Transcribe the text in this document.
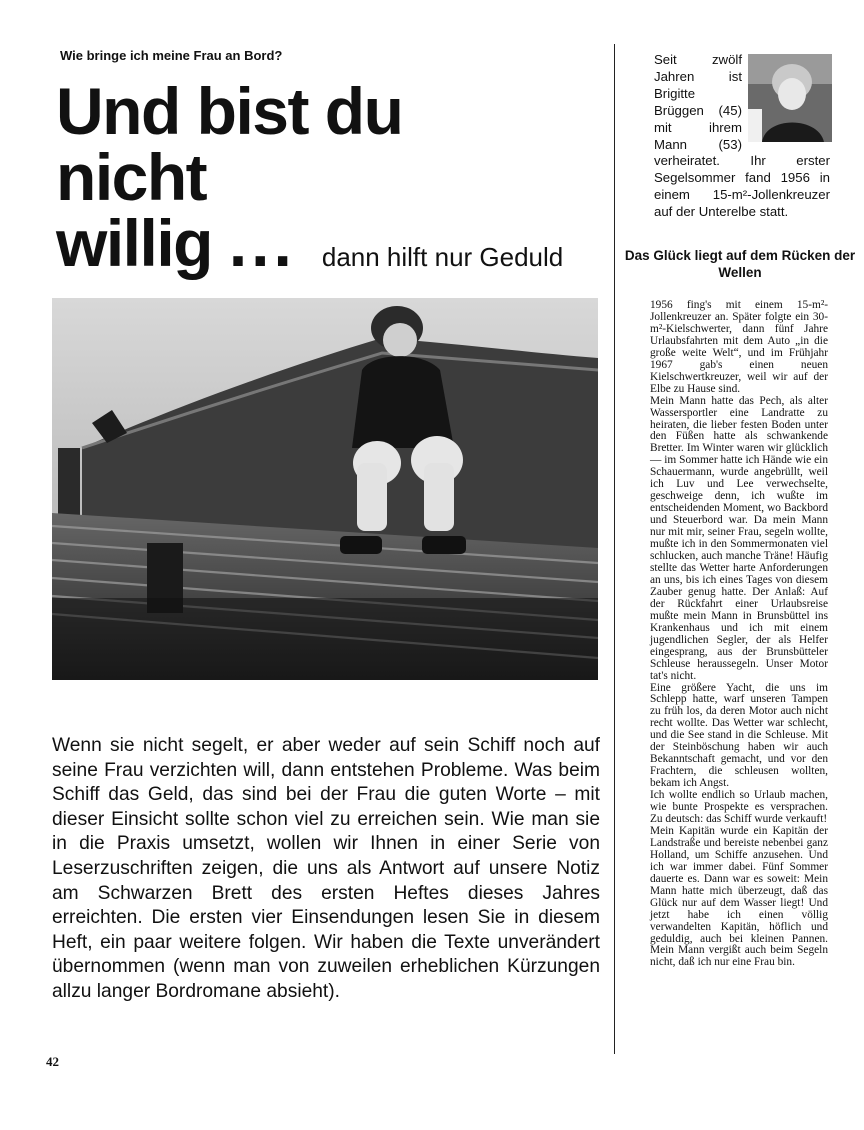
Wie bringe ich meine Frau an Bord?
Und bist du
nicht
willig ... dann hilft nur Geduld

Wenn sie nicht segelt, er aber weder auf sein Schiff noch auf seine Frau verzichten will, dann entstehen Probleme. Was beim Schiff das Geld, das sind bei der Frau die guten Worte – mit dieser Einsicht sollte schon viel zu erreichen sein. Wie man sie in die Praxis umsetzt, wollen wir Ihnen in einer Serie von Leserzuschriften zeigen, die uns als Antwort auf unsere Notiz am Schwarzen Brett des ersten Heftes dieses Jahres erreichten. Die ersten vier Einsendungen lesen Sie in diesem Heft, ein paar weitere folgen. Wir haben die Texte unverändert übernommen (wenn man von zuweilen erheblichen Kürzungen allzu langer Bordromane absieht).

42
Seit zwölf Jahren ist Brigitte Brüggen (45) mit ihrem Mann (53) verheiratet. Ihr erster Segelsommer fand 1956 in einem 15-m²-Jollenkreuzer auf der Unterelbe statt.
Das Glück liegt auf dem Rücken der Wellen

1956 fing's mit einem 15-m²-Jollenkreuzer an. Später folgte ein 30-m²-Kielschwerter, dann fünf Jahre Urlaubsfahrten mit dem Auto „in die große weite Welt“, und im Frühjahr 1967 gab's einen neuen Kielschwertkreuzer, weil wir auf der Elbe zu Hause sind.

Mein Mann hatte das Pech, als alter Wassersportler eine Landratte zu heiraten, die lieber festen Boden unter den Füßen hatte als schwankende Bretter. Im Winter waren wir glücklich — im Sommer hatte ich Hände wie ein Schauermann, wurde angebrüllt, weil ich Luv und Lee verwechselte, geschweige denn, ich wußte im entscheidenden Moment, wo Backbord und Steuerbord war. Da mein Mann nur mit mir, seiner Frau, segeln wollte, mußte ich in den Sommermonaten viel schlucken, auch manche Träne! Häufig stellte das Wetter harte Anforderungen an uns, bis ich eines Tages von diesem Zauber genug hatte. Der Anlaß: Auf der Rückfahrt einer Urlaubsreise mußte mein Mann in Brunsbüttel ins Krankenhaus und ich mit einem jugendlichen Segler, der als Helfer eingesprang, aus der Brunsbütteler Schleuse heraussegeln. Unser Motor tat's nicht.

Eine größere Yacht, die uns im Schlepp hatte, warf unseren Tampen zu früh los, da deren Motor auch nicht recht wollte. Das Wetter war schlecht, und die See stand in die Schleuse. Mit der Steinböschung haben wir auch Bekanntschaft gemacht, und vor den Frachtern, die schleusen wollten, bekam ich Angst.

Ich wollte endlich so Urlaub machen, wie bunte Prospekte es versprachen. Zu deutsch: das Schiff wurde verkauft!

Mein Kapitän wurde ein Kapitän der Landstraße und bereiste nebenbei ganz Holland, um Schiffe anzusehen. Und ich war immer dabei. Fünf Sommer dauerte es. Dann war es soweit: Mein Mann hatte mich überzeugt, daß das Glück nur auf dem Wasser liegt! Und jetzt habe ich einen völlig verwandelten Kapitän, höflich und geduldig, auch bei kleinen Pannen. Mein Mann vergißt auch beim Segeln nicht, daß ich nur eine Frau bin.
